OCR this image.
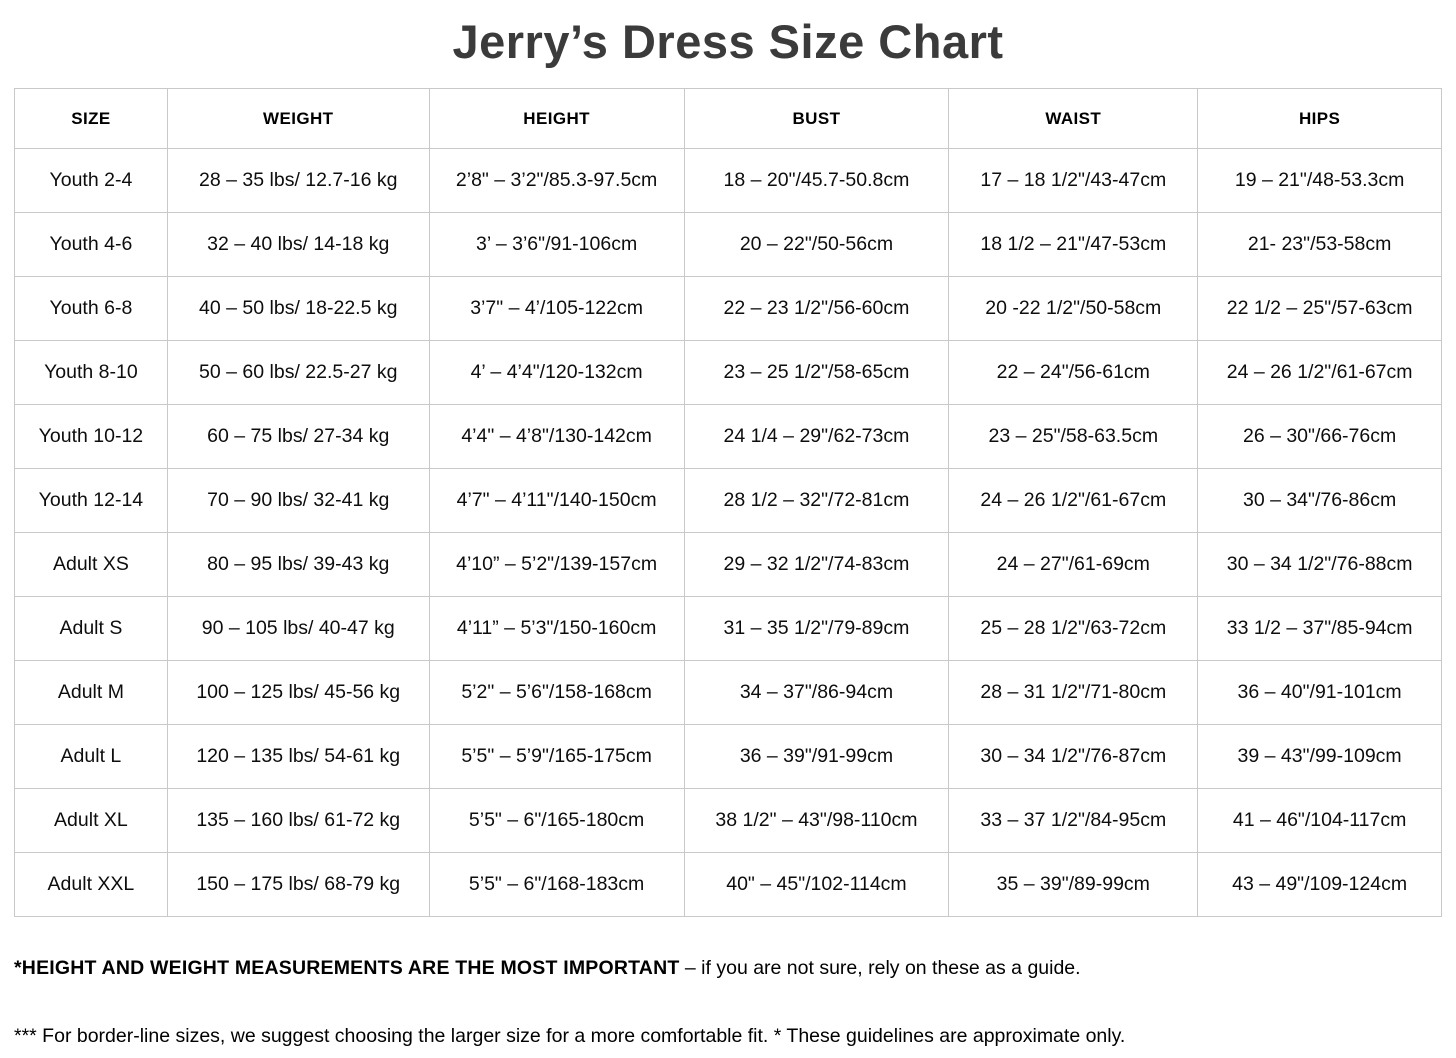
Jerry’s Dress Size Chart
SIZE	WEIGHT	HEIGHT	BUST	WAIST	HIPS
Youth 2-4	28 – 35 lbs/ 12.7-16 kg	2’8" – 3’2"/85.3-97.5cm	18 – 20"/45.7-50.8cm	17 – 18 1/2"/43-47cm	19 – 21"/48-53.3cm
Youth 4-6	32 – 40 lbs/ 14-18 kg	3’ – 3’6"/91-106cm	20 – 22"/50-56cm	18 1/2 – 21"/47-53cm	21- 23"/53-58cm
Youth 6-8	40 – 50 lbs/ 18-22.5 kg	3’7" – 4’/105-122cm	22 – 23 1/2"/56-60cm	20 -22 1/2"/50-58cm	22 1/2 – 25"/57-63cm
Youth 8-10	50 – 60 lbs/ 22.5-27 kg	4’ – 4’4"/120-132cm	23 – 25 1/2"/58-65cm	22 – 24"/56-61cm	24 – 26 1/2"/61-67cm
Youth 10-12	60 – 75 lbs/ 27-34 kg	4’4" – 4’8"/130-142cm	24 1/4 – 29"/62-73cm	23 – 25"/58-63.5cm	26 – 30"/66-76cm
Youth 12-14	70 – 90 lbs/ 32-41 kg	4’7" – 4’11"/140-150cm	28 1/2 – 32"/72-81cm	24 – 26 1/2"/61-67cm	30 – 34"/76-86cm
Adult XS	80 – 95 lbs/ 39-43 kg	4’10” – 5’2"/139-157cm	29 – 32 1/2"/74-83cm	24 – 27"/61-69cm	30 – 34 1/2"/76-88cm
Adult S	90 – 105 lbs/ 40-47 kg	4’11” – 5’3"/150-160cm	31 – 35 1/2"/79-89cm	25 – 28 1/2"/63-72cm	33 1/2 – 37"/85-94cm
Adult M	100 – 125 lbs/ 45-56 kg	5’2" – 5’6"/158-168cm	34 – 37"/86-94cm	28 – 31 1/2"/71-80cm	36 – 40"/91-101cm
Adult L	120 – 135 lbs/ 54-61 kg	5’5" – 5’9"/165-175cm	36 – 39"/91-99cm	30 – 34 1/2"/76-87cm	39 – 43"/99-109cm
Adult XL	135 – 160 lbs/ 61-72 kg	5’5" – 6"/165-180cm	38 1/2" – 43"/98-110cm	33 – 37 1/2"/84-95cm	41 – 46"/104-117cm
Adult XXL	150 – 175 lbs/ 68-79 kg	5’5" – 6"/168-183cm	40" – 45"/102-114cm	35 – 39"/89-99cm	43 – 49"/109-124cm

*HEIGHT AND WEIGHT MEASUREMENTS ARE THE MOST IMPORTANT – if you are not sure, rely on these as a guide.

*** For border-line sizes, we suggest choosing the larger size for a more comfortable fit. * These guidelines are approximate only.
